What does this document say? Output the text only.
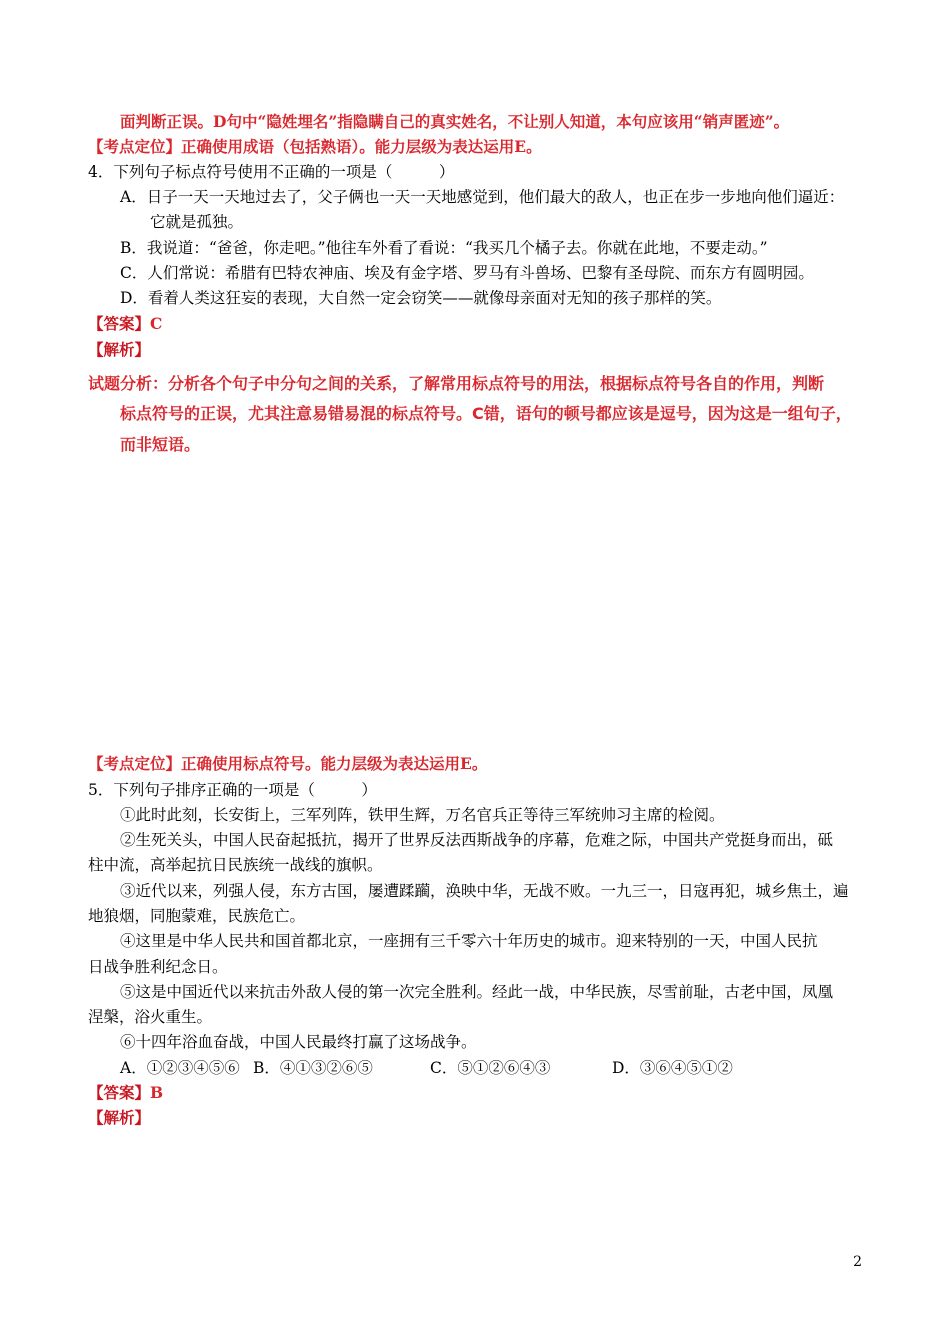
面判断正误。D句中“隐姓埋名”指隐瞒自己的真实姓名，不让别人知道，本句应该用“销声匿迹”。
【考点定位】正确使用成语（包括熟语）。能力层级为表达运用E。
4．下列句子标点符号使用不正确的一项是（　　　）
A．日子一天一天地过去了，父子俩也一天一天地感觉到，他们最大的敌人，也正在步一步地向他们逼近：
它就是孤独。
B．我说道：“爸爸，你走吧。”他往车外看了看说：“我买几个橘子去。你就在此地，不要走动。”
C．人们常说：希腊有巴特农神庙、埃及有金字塔、罗马有斗兽场、巴黎有圣母院、而东方有圆明园。
D．看着人类这狂妄的表现，大自然一定会窃笑——就像母亲面对无知的孩子那样的笑。
【答案】C
【解析】
试题分析：分析各个句子中分句之间的关系，了解常用标点符号的用法，根据标点符号各自的作用，判断
标点符号的正误，尤其注意易错易混的标点符号。C错，语句的顿号都应该是逗号，因为这是一组句子，
而非短语。
【考点定位】正确使用标点符号。能力层级为表达运用E。
5．下列句子排序正确的一项是（　　　）
①此时此刻，长安街上，三军列阵，铁甲生辉，万名官兵正等待三军统帅习主席的检阅。
②生死关头，中国人民奋起抵抗，揭开了世界反法西斯战争的序幕，危难之际，中国共产党挺身而出，砥
柱中流，高举起抗日民族统一战线的旗帜。
③近代以来，列强人侵，东方古国，屡遭蹂躏，涣映中华，无战不败。一九三一，日寇再犯，城乡焦土，遍
地狼烟，同胞蒙难，民族危亡。
④这里是中华人民共和国首都北京，一座拥有三千零六十年历史的城市。迎来特别的一天，中国人民抗
日战争胜利纪念日。
⑤这是中国近代以来抗击外敌人侵的第一次完全胜利。经此一战，中华民族，尽雪前耻，古老中国，凤凰
涅槃，浴火重生。
⑥十四年浴血奋战，中国人民最终打赢了这场战争。
A．①②③④⑤⑥ B．④①③②⑥⑤	C．⑤①②⑥④③	D．③⑥④⑤①②
【答案】B
【解析】
2
